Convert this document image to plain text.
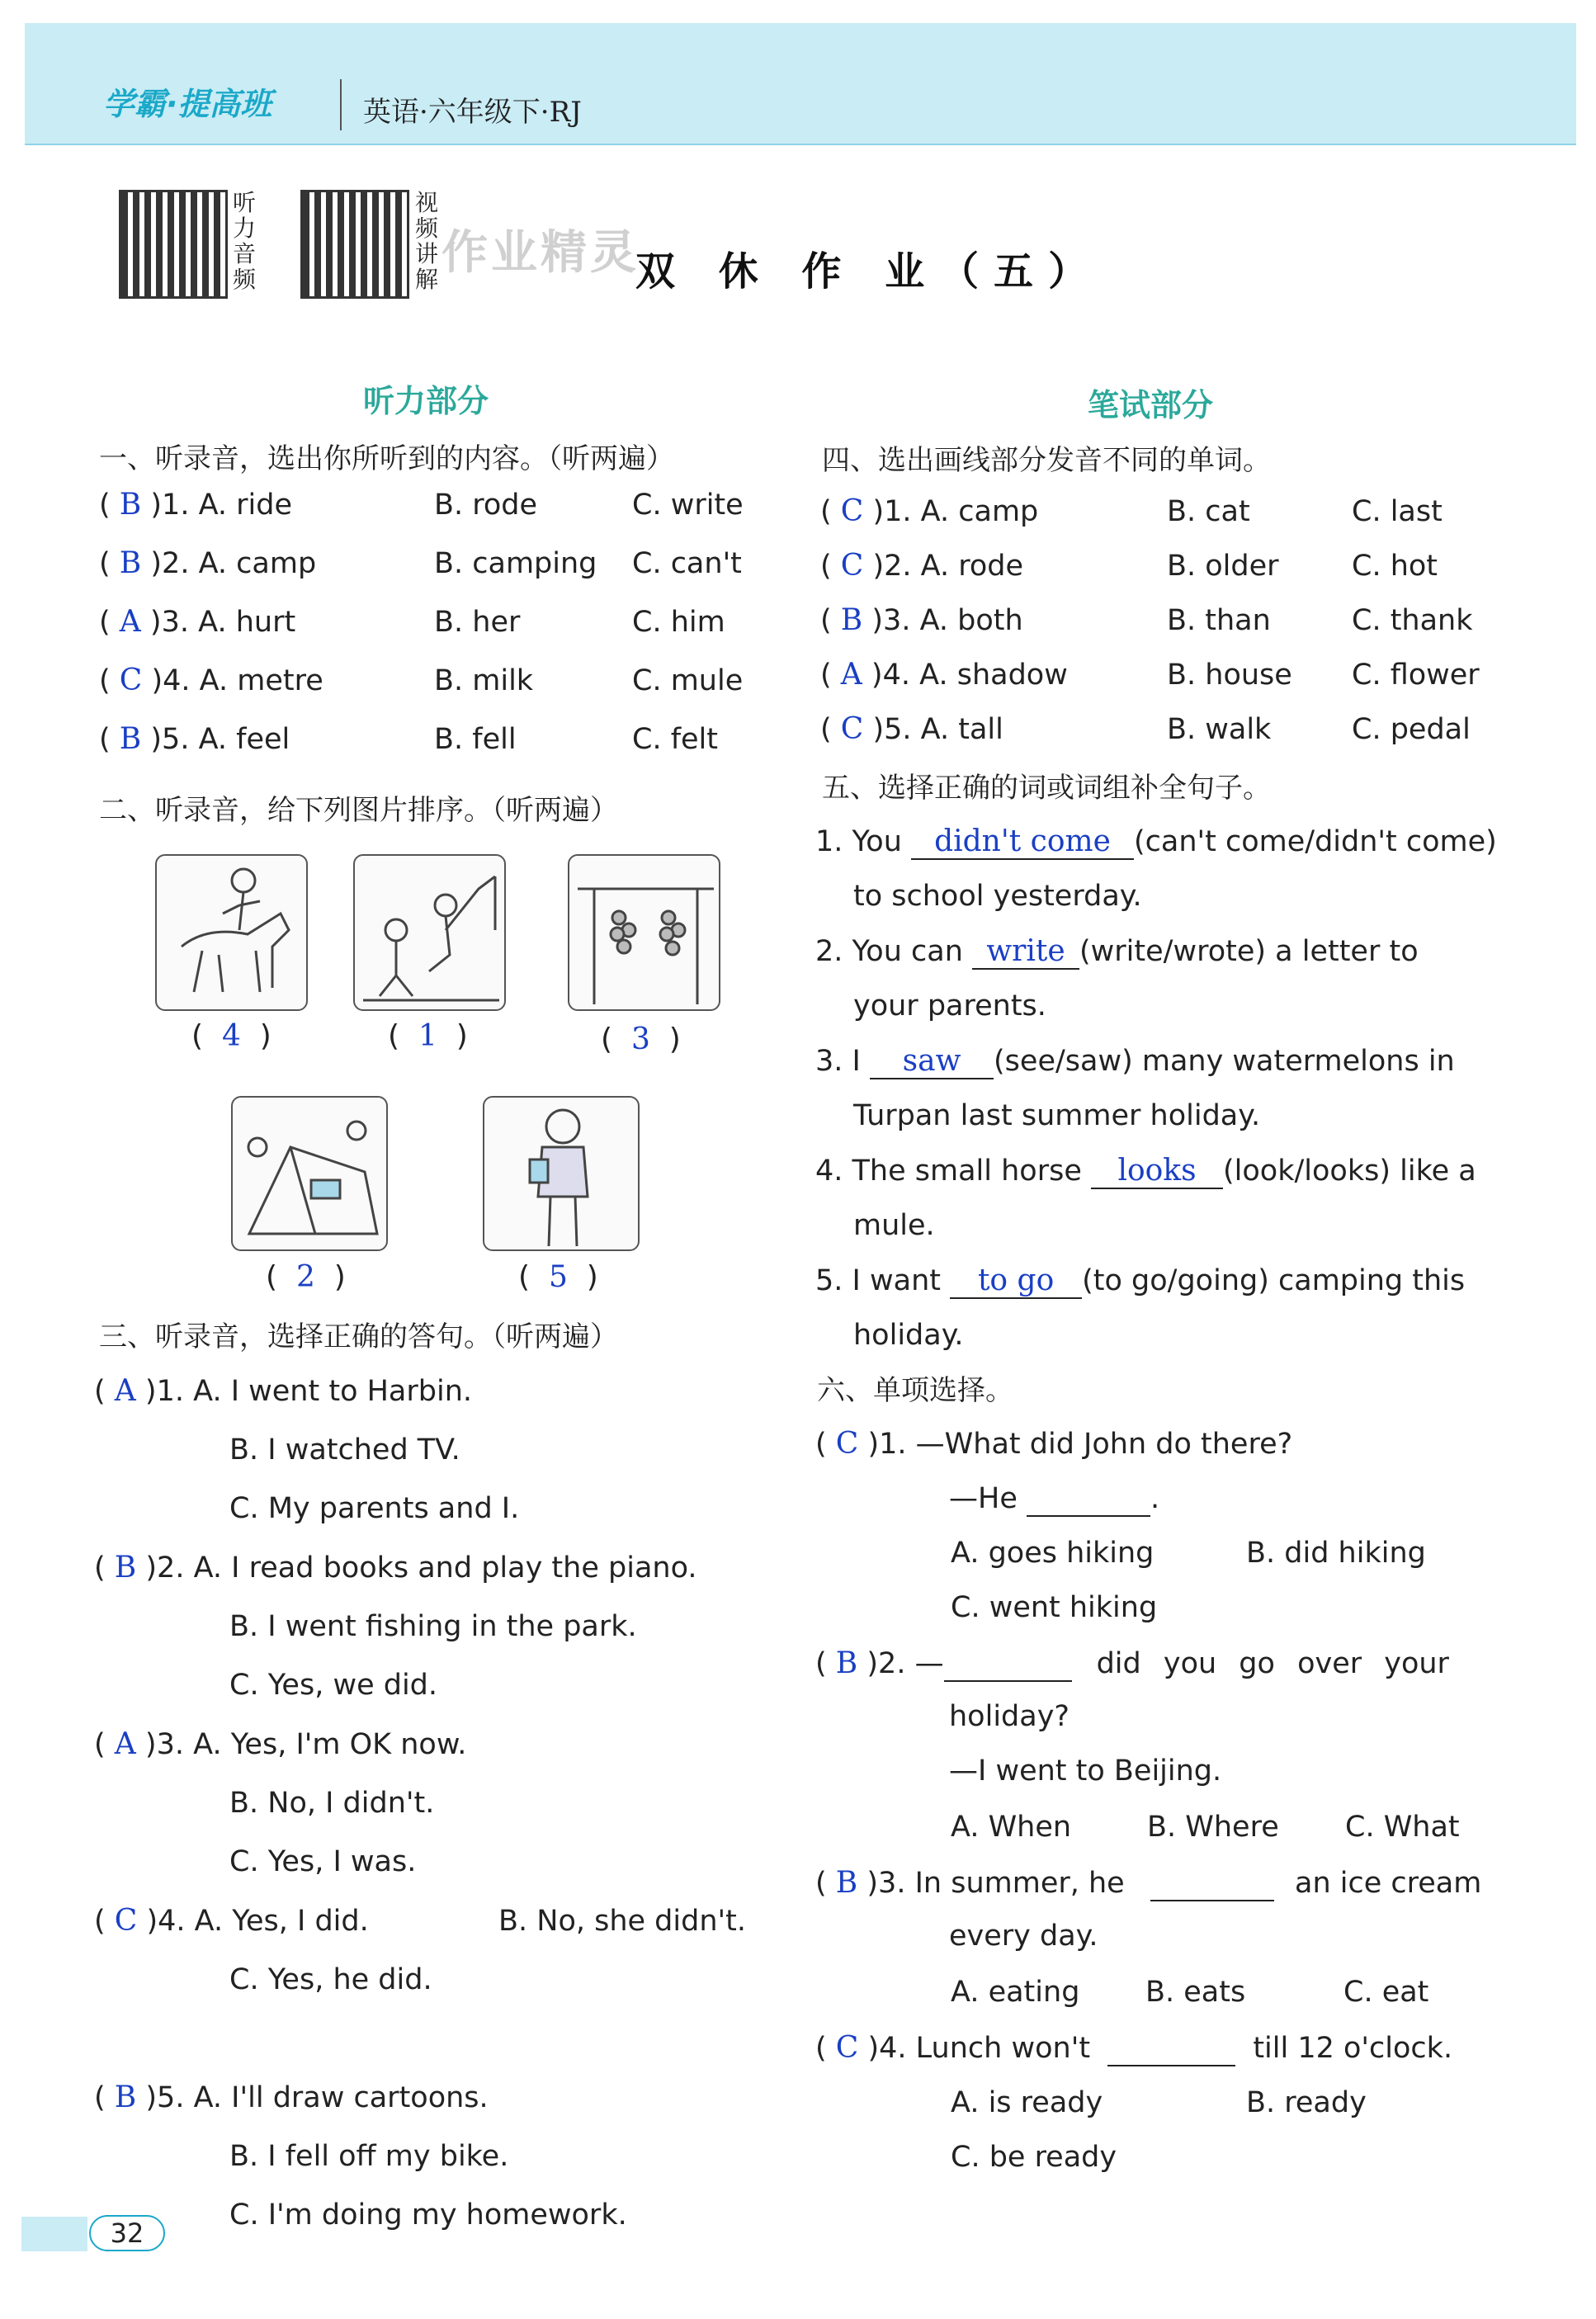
学霸·提高班	英语·六年级下·RJ
听力音频
视频讲解 作业精灵
双 休 作 业（五）
听力部分
一、听录音，选出你所听到的内容。（听两遍）
( B )1. A. ride	B. rode	C. write
( B )2. A. camp	B. camping C. can't
( A )3. A. hurt	B. her	C. him
( C )4. A. metre	B. milk	C. mule
( B )5. A. feel	B. fell	C. felt
二、听录音，给下列图片排序。（听两遍）
(  4  )	(  1  )	(  3  )
(  2  )	(  5  )
三、听录音，选择正确的答句。（听两遍）
( A )1. A. I went to Harbin.
B. I watched TV.
C. My parents and I.
( B )2. A. I read books and play the piano.
B. I went fishing in the park.
C. Yes, we did.
( A )3. A. Yes, I'm OK now.
B. No, I didn't.
C. Yes, I was.
( C )4. A. Yes, I did.	B. No, she didn't.
C. Yes, he did.
( B )5. A. I'll draw cartoons.
B. I fell off my bike.
C. I'm doing my homework.
笔试部分
四、选出画线部分发音不同的单词。
( C )1. A. camp	B. cat	C. last
( C )2. A. rode	B. older	C. hot
( B )3. A. both	B. than	C. thank
( A )4. A. shadow	B. house C. flower
( C )5. A. tall	B. walk	C. pedal
五、选择正确的词或词组补全句子。
1. You didn't come (can't come/didn't come)
to school yesterday.
2. You can write (write/wrote) a letter to
your parents.
3. I saw (see/saw) many watermelons in
Turpan last summer holiday.
4. The small horse looks (look/looks) like a
mule.
5. I want to go (to go/going) camping this
holiday.
六、单项选择。
( C )1. —What did John do there?
—He	.
A. goes hiking	B. did hiking
C. went hiking
( B )2. —	did you go over your
holiday?
—I went to Beijing.
A. When	B. Where C. What
( B )3. In summer, he	an ice cream
every day.
A. eating B. eats	C. eat
( C )4. Lunch won't	till 12 o'clock.
A. is ready	B. ready
C. be ready
32
